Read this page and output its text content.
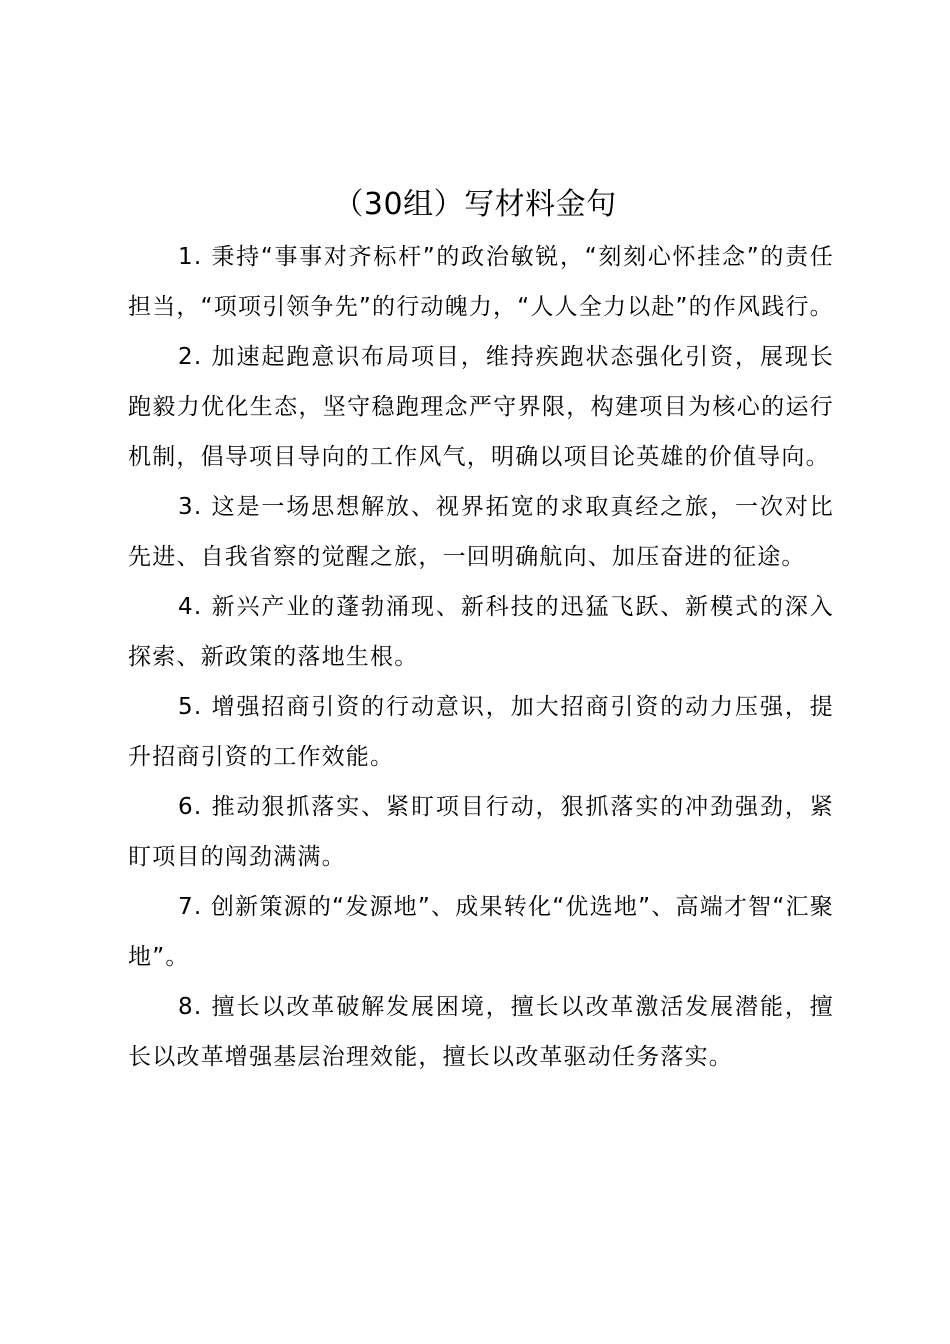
（30组）写材料金句

1. 秉持“事事对齐标杆”的政治敏锐，“刻刻心怀挂念”的责任担当，“项项引领争先”的行动魄力，“人人全力以赴”的作风践行。

2. 加速起跑意识布局项目，维持疾跑状态强化引资，展现长跑毅力优化生态，坚守稳跑理念严守界限，构建项目为核心的运行机制，倡导项目导向的工作风气，明确以项目论英雄的价值导向。

3. 这是一场思想解放、视界拓宽的求取真经之旅，一次对比先进、自我省察的觉醒之旅，一回明确航向、加压奋进的征途。

4. 新兴产业的蓬勃涌现、新科技的迅猛飞跃、新模式的深入探索、新政策的落地生根。

5. 增强招商引资的行动意识，加大招商引资的动力压强，提升招商引资的工作效能。

6. 推动狠抓落实、紧盯项目行动，狠抓落实的冲劲强劲，紧盯项目的闯劲满满。

7. 创新策源的“发源地”、成果转化“优选地”、高端才智“汇聚地”。

8. 擅长以改革破解发展困境，擅长以改革激活发展潜能，擅长以改革增强基层治理效能，擅长以改革驱动任务落实。
